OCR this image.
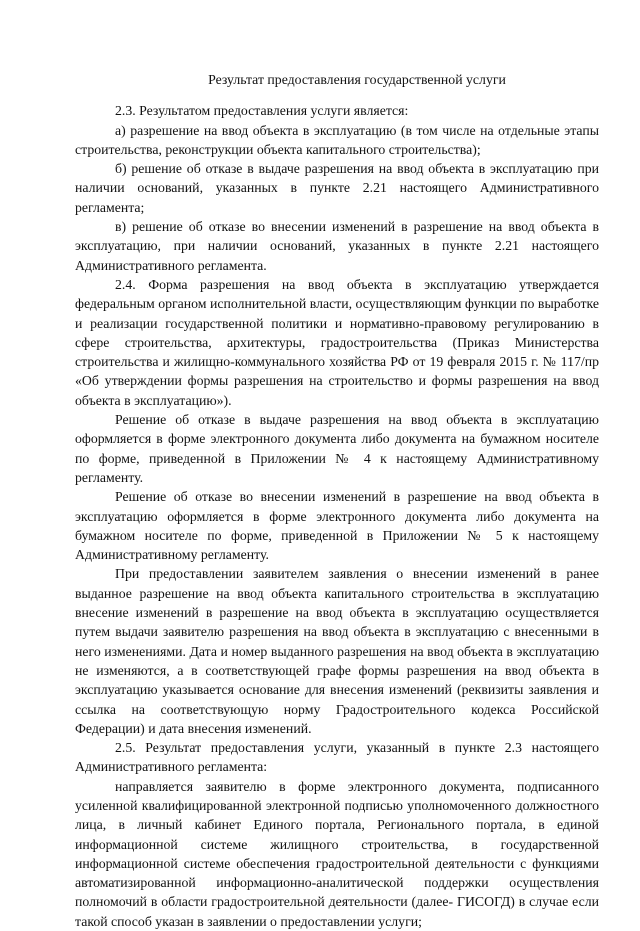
Результат предоставления государственной услуги

2.3. Результатом предоставления услуги является:

а) разрешение на ввод объекта в эксплуатацию (в том числе на отдельные этапы строительства, реконструкции объекта капитального строительства);

б) решение об отказе в выдаче разрешения на ввод объекта в эксплуатацию при наличии оснований, указанных в пункте 2.21 настоящего Административного регламента;

в) решение об отказе во внесении изменений в разрешение на ввод объекта в эксплуатацию, при наличии оснований, указанных в пункте 2.21 настоящего Административного регламента.

2.4. Форма разрешения на ввод объекта в эксплуатацию утверждается федеральным органом исполнительной власти, осуществляющим функции по выработке и реализации государственной политики и нормативно-правовому регулированию в сфере строительства, архитектуры, градостроительства (Приказ Министерства строительства и жилищно-коммунального хозяйства РФ от 19 февраля 2015 г. № 117/пр «Об утверждении формы разрешения на строительство и формы разрешения на ввод объекта в эксплуатацию»).

Решение об отказе в выдаче разрешения на ввод объекта в эксплуатацию оформляется в форме электронного документа либо документа на бумажном носителе по форме, приведенной в Приложении № 4 к настоящему Административному регламенту.

Решение об отказе во внесении изменений в разрешение на ввод объекта в эксплуатацию оформляется в форме электронного документа либо документа на бумажном носителе по форме, приведенной в Приложении № 5 к настоящему Административному регламенту.

При предоставлении заявителем заявления о внесении изменений в ранее выданное разрешение на ввод объекта капитального строительства в эксплуатацию внесение изменений в разрешение на ввод объекта в эксплуатацию осуществляется путем выдачи заявителю разрешения на ввод объекта в эксплуатацию с внесенными в него изменениями. Дата и номер выданного разрешения на ввод объекта в эксплуатацию не изменяются, а в соответствующей графе формы разрешения на ввод объекта в эксплуатацию указывается основание для внесения изменений (реквизиты заявления и ссылка на соответствующую норму Градостроительного кодекса Российской Федерации) и дата внесения изменений.

2.5. Результат предоставления услуги, указанный в пункте 2.3 настоящего Административного регламента:

направляется заявителю в форме электронного документа, подписанного усиленной квалифицированной электронной подписью уполномоченного должностного лица, в личный кабинет Единого портала, Регионального портала, в единой информационной системе жилищного строительства, в государственной информационной системе обеспечения градостроительной деятельности с функциями автоматизированной информационно-аналитической поддержки осуществления полномочий в области градостроительной деятельности (далее- ГИСОГД) в случае если такой способ указан в заявлении о предоставлении услуги;
